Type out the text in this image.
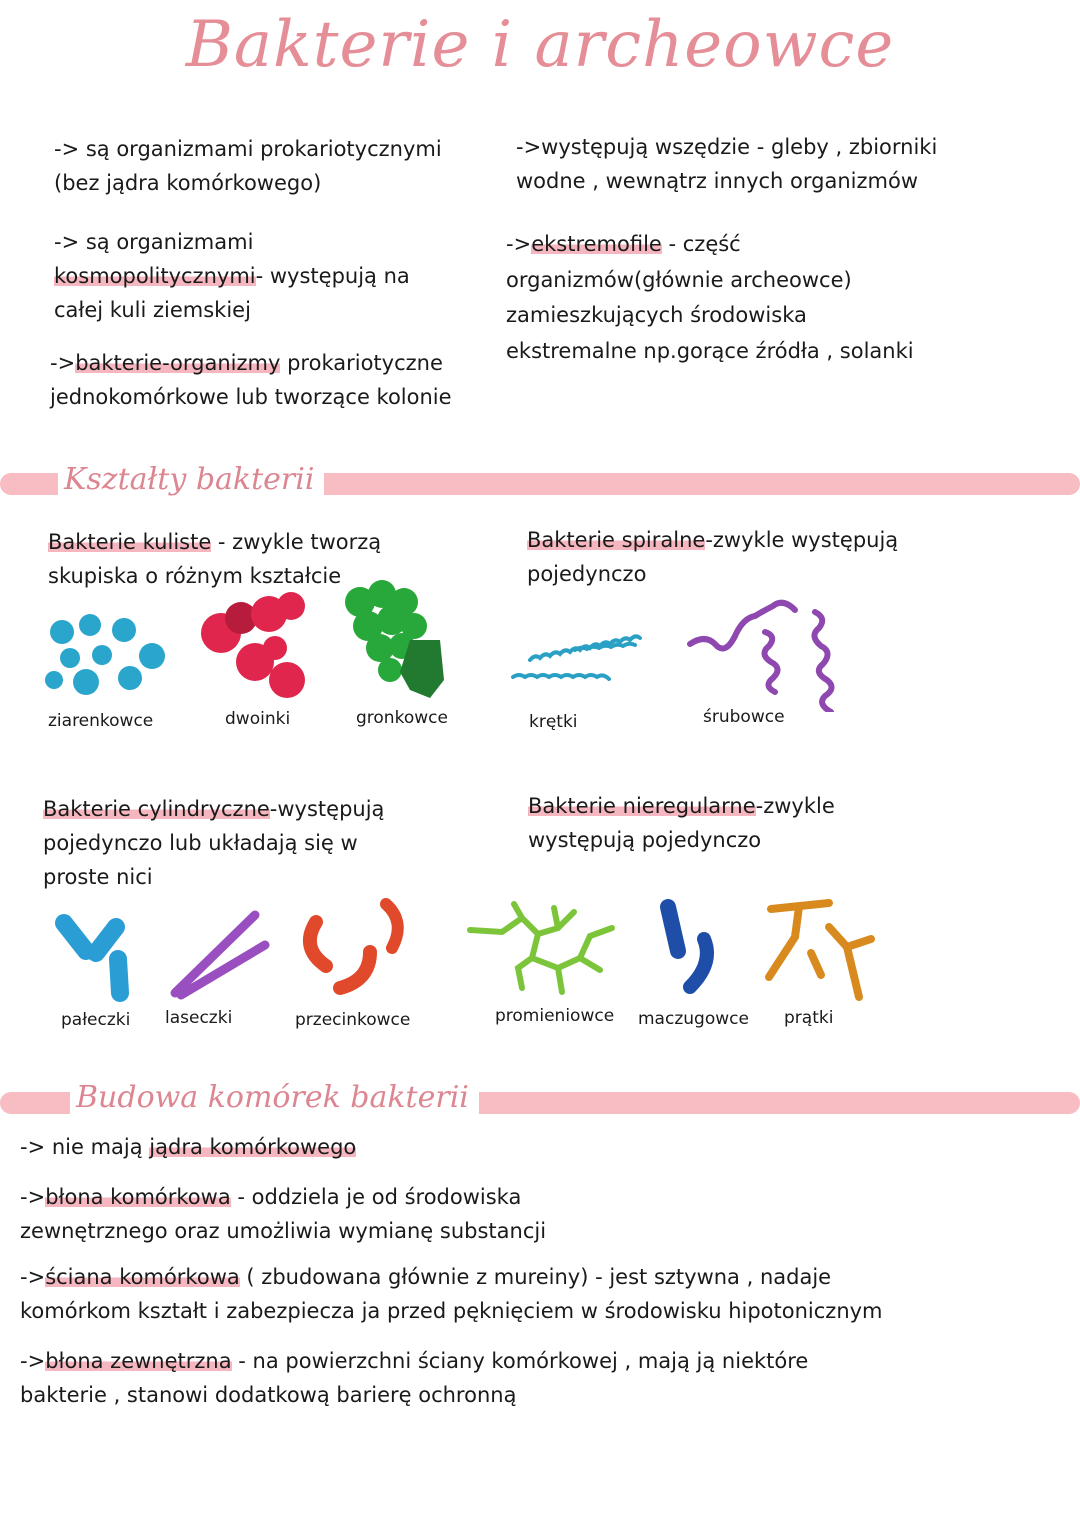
Bakterie i archeowce
-> są organizmami prokariotycznymi
(bez jądra komórkowego)
-> są organizmami
kosmopolitycznymi- występują na
całej kuli ziemskiej
->bakterie-organizmy prokariotyczne
jednokomórkowe lub tworzące kolonie
->występują wszędzie - gleby , zbiorniki
wodne , wewnątrz innych organizmów
->ekstremofile - część
organizmów(głównie archeowce)
zamieszkujących środowiska
ekstremalne np.gorące źródła , solanki
Kształty bakterii
Bakterie kuliste - zwykle tworzą
skupiska o różnym kształcie
ziarenkowce	dwoinki	gronkowce
Bakterie spiralne-zwykle występują
pojedynczo
krętki	śrubowce
Bakterie cylindryczne-występują
pojedynczo lub układają się w
proste nici
pałeczki laseczki	przecinkowce
Bakterie nieregularne-zwykle
występują pojedynczo
promieniowce maczugowce prątki
Budowa komórek bakterii
-> nie mają jądra komórkowego
->błona komórkowa - oddziela je od środowiska
zewnętrznego oraz umożliwia wymianę substancji
->ściana komórkowa ( zbudowana głównie z mureiny) - jest sztywna , nadaje
komórkom kształt i zabezpiecza ja przed pęknięciem w środowisku hipotonicznym
->błona zewnętrzna - na powierzchni ściany komórkowej , mają ją niektóre
bakterie , stanowi dodatkową barierę ochronną
